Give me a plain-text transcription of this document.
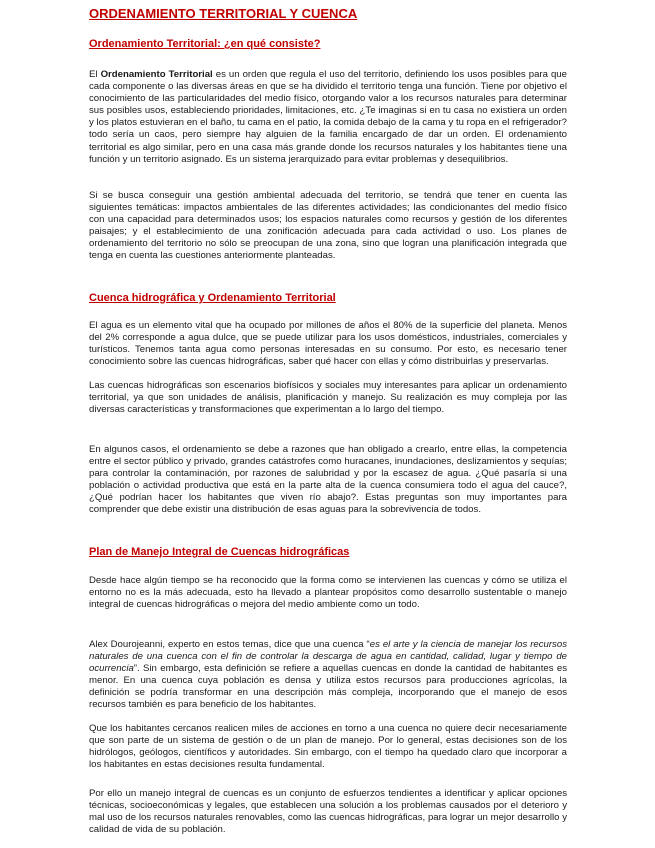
ORDENAMIENTO TERRITORIAL Y CUENCA
Ordenamiento Territorial: ¿en qué consiste?

El Ordenamiento Territorial es un orden que regula el uso del territorio, definiendo los usos posibles para que cada componente o las diversas áreas en que se ha dividido el territorio tenga una función. Tiene por objetivo el conocimiento de las particularidades del medio físico, otorgando valor a los recursos naturales para determinar sus posibles usos, estableciendo prioridades, limitaciones, etc. ¿Te imaginas si en tu casa no existiera un orden y los platos estuvieran en el baño, tu cama en el patio, la comida debajo de la cama y tu ropa en el refrigerador? todo sería un caos, pero siempre hay alguien de la familia encargado de dar un orden. El ordenamiento territorial es algo similar, pero en una casa más grande donde los recursos naturales y los habitantes tiene una función y un territorio asignado. Es un sistema jerarquizado para evitar problemas y desequilibrios.

Si se busca conseguir una gestión ambiental adecuada del territorio, se tendrá que tener en cuenta las siguientes temáticas: impactos ambientales de las diferentes actividades; las condicionantes del medio físico con una capacidad para determinados usos; los espacios naturales como recursos y gestión de los diferentes paisajes; y el establecimiento de una zonificación adecuada para cada actividad o uso. Los planes de ordenamiento del territorio no sólo se preocupan de una zona, sino que logran una planificación integrada que tenga en cuenta las cuestiones anteriormente planteadas.

Cuenca hidrográfica y Ordenamiento Territorial

El agua es un elemento vital que ha ocupado por millones de años el 80% de la superficie del planeta. Menos del 2% corresponde a agua dulce, que se puede utilizar para los usos domésticos, industriales, comerciales y turísticos. Tenemos tanta agua como personas interesadas en su consumo. Por esto, es necesario tener conocimiento sobre las cuencas hidrográficas, saber qué hacer con ellas y cómo distribuirlas y preservarlas.

Las cuencas hidrográficas son escenarios biofísicos y sociales muy interesantes para aplicar un ordenamiento territorial, ya que son unidades de análisis, planificación y manejo. Su realización es muy compleja por las diversas características y transformaciones que experimentan a lo largo del tiempo.

En algunos casos, el ordenamiento se debe a razones que han obligado a crearlo, entre ellas, la competencia entre el sector público y privado, grandes catástrofes como huracanes, inundaciones, deslizamientos y sequías; para controlar la contaminación, por razones de salubridad y por la escasez de agua. ¿Qué pasaría si una población o actividad productiva que está en la parte alta de la cuenca consumiera todo el agua del cauce?, ¿Qué podrían hacer los habitantes que viven río abajo?. Estas preguntas son muy importantes para comprender que debe existir una distribución de esas aguas para la sobrevivencia de todos.

Plan de Manejo Integral de Cuencas hidrográficas

Desde hace algún tiempo se ha reconocido que la forma como se intervienen las cuencas y cómo se utiliza el entorno no es la más adecuada, esto ha llevado a plantear propósitos como desarrollo sustentable o manejo integral de cuencas hidrográficas o mejora del medio ambiente como un todo.

Alex Dourojeanni, experto en estos temas, dice que una cuenca “es el arte y la ciencia de manejar los recursos naturales de una cuenca con el fin de controlar la descarga de agua en cantidad, calidad, lugar y tiempo de ocurrencia”. Sin embargo, esta definición se refiere a aquellas cuencas en donde la cantidad de habitantes es menor. En una cuenca cuya población es densa y utiliza estos recursos para producciones agrícolas, la definición se podría transformar en una descripción más compleja, incorporando que el manejo de esos recursos también es para beneficio de los habitantes.

Que los habitantes cercanos realicen miles de acciones en torno a una cuenca no quiere decir necesariamente que son parte de un sistema de gestión o de un plan de manejo. Por lo general, estas decisiones son de los hidrólogos, geólogos, científicos y autoridades. Sin embargo, con el tiempo ha quedado claro que incorporar a los habitantes en estas decisiones resulta fundamental.

Por ello un manejo integral de cuencas es un conjunto de esfuerzos tendientes a identificar y aplicar opciones técnicas, socioeconómicas y legales, que establecen una solución a los problemas causados por el deterioro y mal uso de los recursos naturales renovables, como las cuencas hidrográficas, para lograr un mejor desarrollo y calidad de vida de su población.
